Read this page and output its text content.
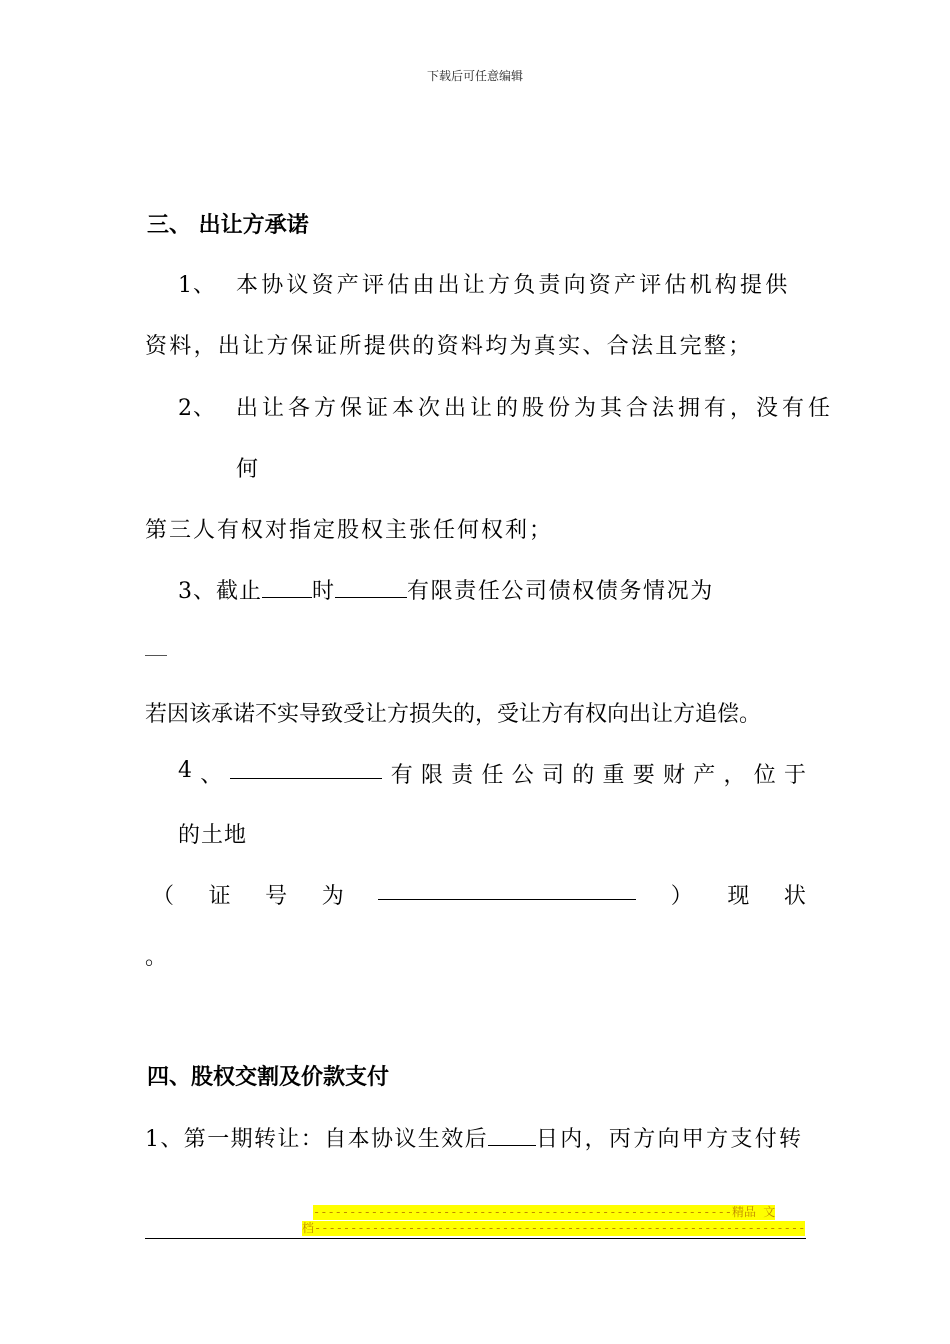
下载后可任意编辑
三、 出让方承诺
1、 本协议资产评估由出让方负责向资产评估机构提供
资料，出让方保证所提供的资料均为真实、合法且完整；
2、 出让各方保证本次出让的股份为其合法拥有，没有任
何
第三人有权对指定股权主张任何权利；
3、截止 时	有限责任公司债权债务情况为
若因该承诺不实导致受让方损失的，受让方有权向出让方追偿。
4 、	有 限 责 任 公 司 的 重 要 财 产 ， 位 于
的土地
（ 证 号 为	） 现 状
。
四、股权交割及价款支付
1、第一期转让：自本协议生效后 日内，丙方向甲方支付转
----------------------------------------------------------精品 文
档--------------------------------------------------------------------
